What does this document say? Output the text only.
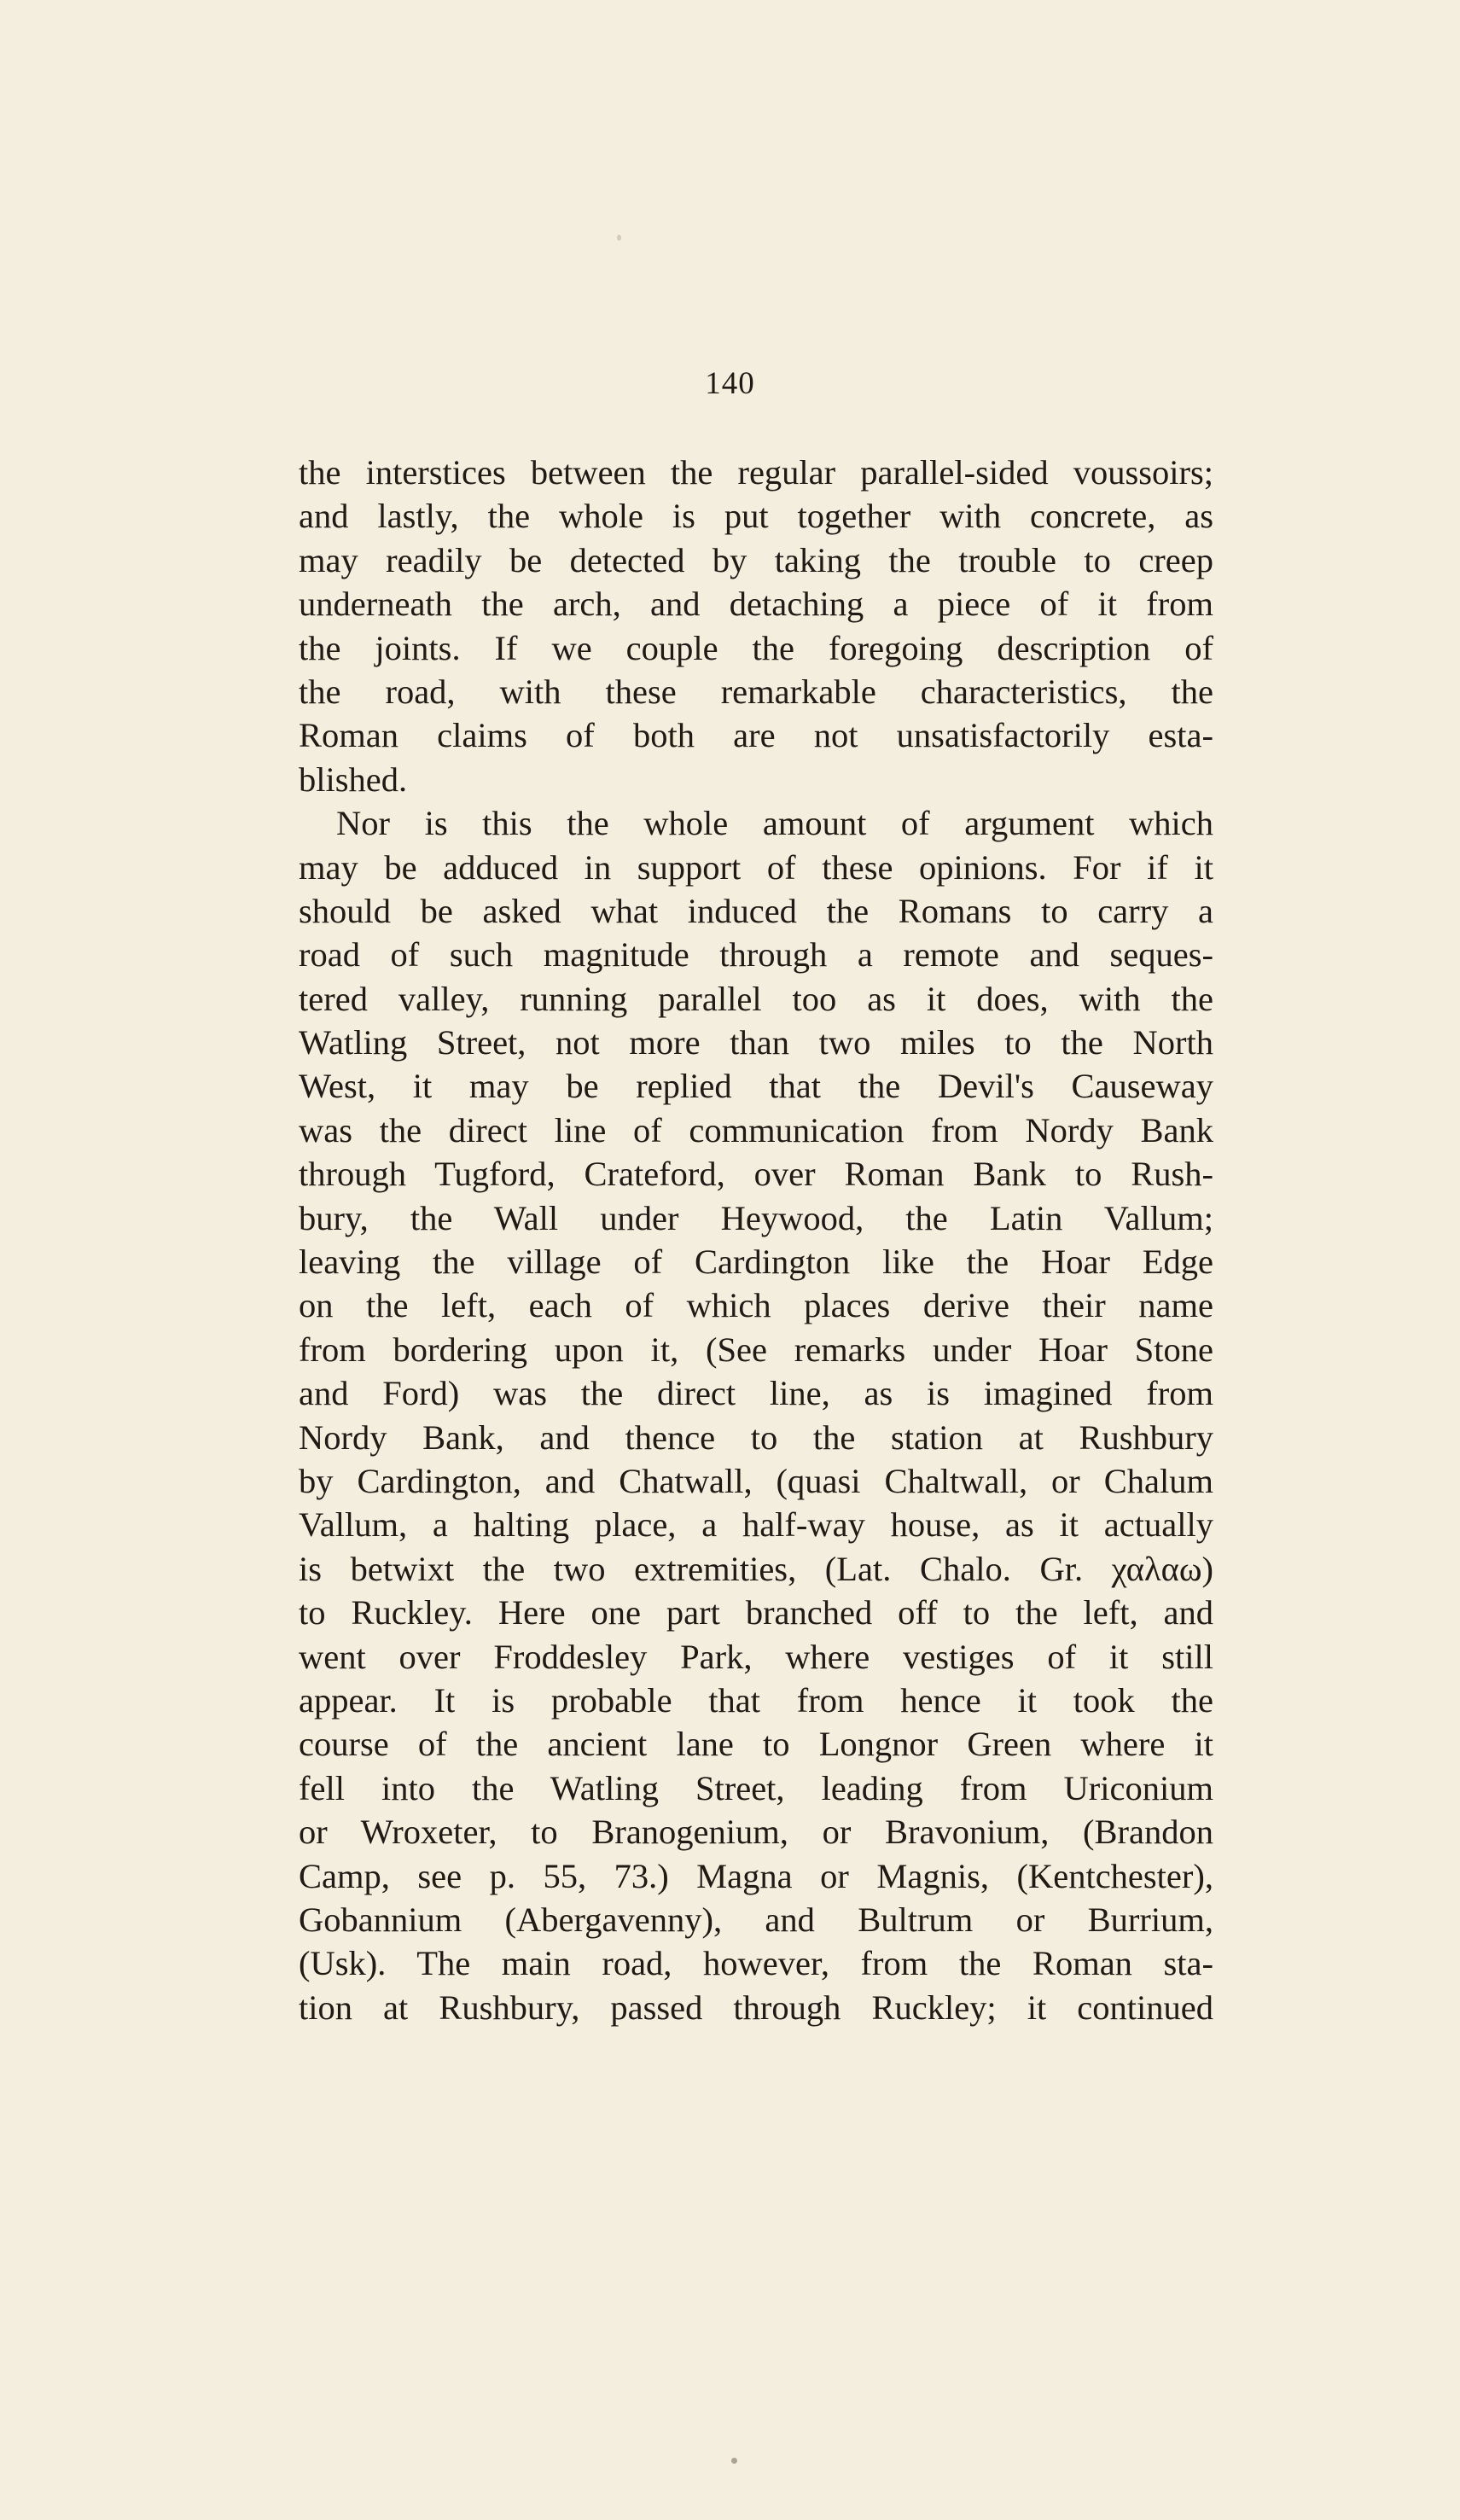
140
the interstices between the regular parallel-sided voussoirs;
and lastly, the whole is put together with concrete, as
may readily be detected by taking the trouble to creep
underneath the arch, and detaching a piece of it from
the joints. If we couple the foregoing description of
the road, with these remarkable characteristics, the
Roman claims of both are not unsatisfactorily esta-
blished.
Nor is this the whole amount of argument which
may be adduced in support of these opinions. For if it
should be asked what induced the Romans to carry a
road of such magnitude through a remote and seques-
tered valley, running parallel too as it does, with the
Watling Street, not more than two miles to the North
West, it may be replied that the Devil's Causeway
was the direct line of communication from Nordy Bank
through Tugford, Crateford, over Roman Bank to Rush-
bury, the Wall under Heywood, the Latin Vallum;
leaving the village of Cardington like the Hoar Edge
on the left, each of which places derive their name
from bordering upon it, (See remarks under Hoar Stone
and Ford) was the direct line, as is imagined from
Nordy Bank, and thence to the station at Rushbury
by Cardington, and Chatwall, (quasi Chaltwall, or Chalum
Vallum, a halting place, a half-way house, as it actually
is betwixt the two extremities, (Lat. Chalo. Gr. χαλαω)
to Ruckley. Here one part branched off to the left, and
went over Froddesley Park, where vestiges of it still
appear. It is probable that from hence it took the
course of the ancient lane to Longnor Green where it
fell into the Watling Street, leading from Uriconium
or Wroxeter, to Branogenium, or Bravonium, (Brandon
Camp, see p. 55, 73.) Magna or Magnis, (Kentchester),
Gobannium (Abergavenny), and Bultrum or Burrium,
(Usk). The main road, however, from the Roman sta-
tion at Rushbury, passed through Ruckley; it continued
